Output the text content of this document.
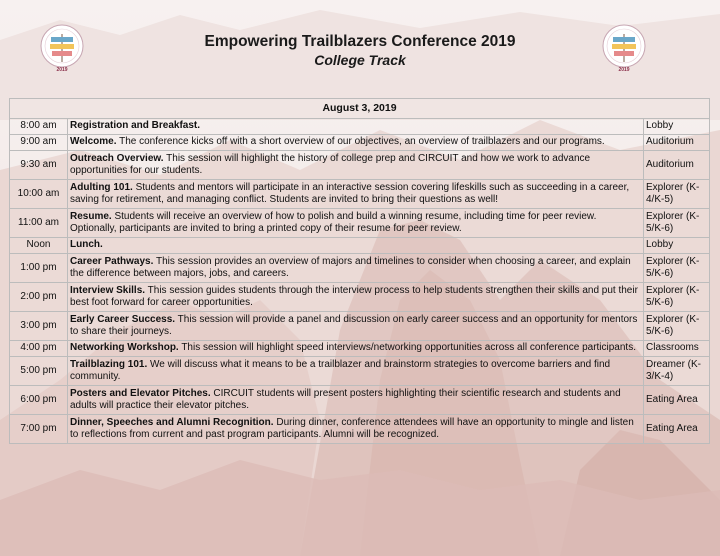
2019	2019
Empowering Trailblazers Conference 2019
College Track
August 3, 2019		
8:00 am	Registration and Breakfast.	Lobby
9:00 am	Welcome. The conference kicks off with a short overview of our objectives, an overview of trailblazers and our programs.	Auditorium
9:30 am	Outreach Overview. This session will highlight the history of college prep and CIRCUIT and how we work to advance opportunities for our students.	Auditorium
10:00 am	Adulting 101. Students and mentors will participate in an interactive session covering lifeskills such as succeeding in a career, saving for retirement, and managing conflict. Students are invited to bring their questions as well!	Explorer (K-4/K-5)
11:00 am	Resume. Students will receive an overview of how to polish and build a winning resume, including time for peer review. Optionally, participants are invited to bring a printed copy of their resume for peer review.	Explorer (K-5/K-6)
Noon	Lunch.	Lobby
1:00 pm	Career Pathways. This session provides an overview of majors and timelines to consider when choosing a career, and explain the difference between majors, jobs, and careers.	Explorer (K-5/K-6)
2:00 pm	Interview Skills. This session guides students through the interview process to help students strengthen their skills and put their best foot forward for career opportunities.	Explorer (K-5/K-6)
3:00 pm	Early Career Success. This session will provide a panel and discussion on early career success and an opportunity for mentors to share their journeys.	Explorer (K-5/K-6)
4:00 pm	Networking Workshop. This session will highlight speed interviews/networking opportunities across all conference participants.	Classrooms
5:00 pm	Trailblazing 101. We will discuss what it means to be a trailblazer and brainstorm strategies to overcome barriers and find community.	Dreamer (K-3/K-4)
6:00 pm	Posters and Elevator Pitches. CIRCUIT students will present posters highlighting their scientific research and students and adults will practice their elevator pitches.	Eating Area
7:00 pm	Dinner, Speeches and Alumni Recognition. During dinner, conference attendees will have an opportunity to mingle and listen to reflections from current and past program participants. Alumni will be recognized.	Eating Area
